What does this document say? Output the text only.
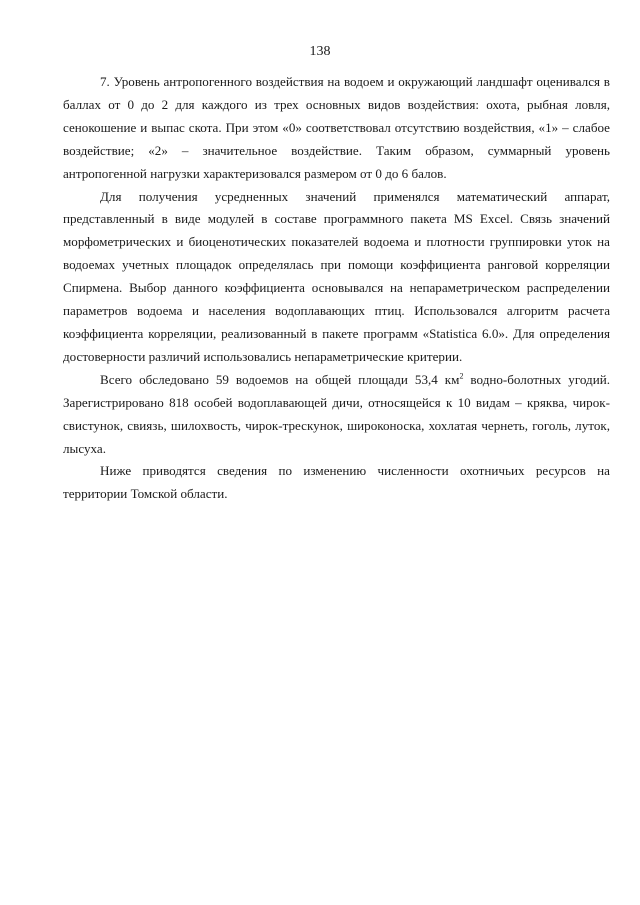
138

7. Уровень антропогенного воздействия на водоем и окружающий ландшафт оценивался в баллах от 0 до 2 для каждого из трех основных видов воздействия: охота, рыбная ловля, сенокошение и выпас скота. При этом «0» соответствовал отсутствию воздействия, «1» – слабое воздействие; «2» – значительное воздействие. Таким образом, суммарный уровень антропогенной нагрузки характеризовался размером от 0 до 6 балов.

Для получения усредненных значений применялся математический аппарат, представленный в виде модулей в составе программного пакета MS Excel. Связь значений морфометрических и биоценотических показателей водоема и плотности группировки уток на водоемах учетных площадок определялась при помощи коэффициента ранговой корреляции Спирмена. Выбор данного коэффициента основывался на непараметрическом распределении параметров водоема и населения водоплавающих птиц. Использовался алгоритм расчета коэффициента корреляции, реализованный в пакете программ «Statistica 6.0». Для определения достоверности различий использовались непараметрические критерии.

Всего обследовано 59 водоемов на общей площади 53,4 $км^2$ водно-болотных угодий. Зарегистрировано 818 особей водоплавающей дичи, относящейся к 10 видам – кряква, чирок-свистунок, свиязь, шилохвость, чирок-трескунок, широконоска, хохлатая чернеть, гоголь, луток, лысуха.

Ниже приводятся сведения по изменению численности охотничьих ресурсов на территории Томской области.
